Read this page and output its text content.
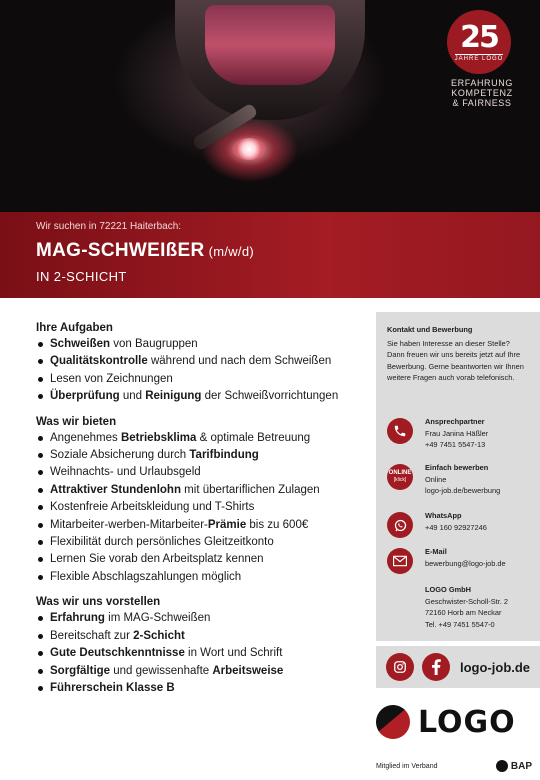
25
JAHRE LOGO
ERFAHRUNG
KOMPETENZ
& FAIRNESS
Wir suchen in 72221 Haiterbach:
MAG-SCHWEIßER (m/w/d)
IN 2-SCHICHT
Ihre Aufgaben
Schweißen von Baugruppen
Qualitätskontrolle während und nach dem Schweißen
Lesen von Zeichnungen
Überprüfung und Reinigung der Schweißvorrichtungen
Was wir bieten
Angenehmes Betriebsklima & optimale Betreuung
Soziale Absicherung durch Tarifbindung
Weihnachts- und Urlaubsgeld
Attraktiver Stundenlohn mit übertariflichen Zulagen
Kostenfreie Arbeitskleidung und T-Shirts
Mitarbeiter-werben-Mitarbeiter-Prämie bis zu 600€
Flexibilität durch persönliches Gleitzeitkonto
Lernen Sie vorab den Arbeitsplatz kennen
Flexible Abschlagszahlungen möglich
Was wir uns vorstellen
Erfahrung im MAG-Schweißen
Bereitschaft zur 2-Schicht
Gute Deutschkenntnisse in Wort und Schrift
Sorgfältige und gewissenhafte Arbeitsweise
Führerschein Klasse B
Kontakt und Bewerbung
Sie haben Interesse an dieser Stelle? Dann freuen wir uns bereits jetzt auf Ihre Bewerbung. Gerne beantworten wir Ihnen weitere Fragen auch vorab telefonisch.
Ansprechpartner
Frau Janina Häßler
+49 7451 5547-13
ONLINE
[klick]
Einfach bewerben
Online
logo-job.de/bewerbung
WhatsApp
+49 160 92927246
E-Mail
bewerbung@logo-job.de
LOGO GmbH
Geschwister-Scholl-Str. 2
72160 Horb am Neckar
Tel. +49 7451 5547-0
logo-job.de
LOGO
Mitglied im Verband	BAP
